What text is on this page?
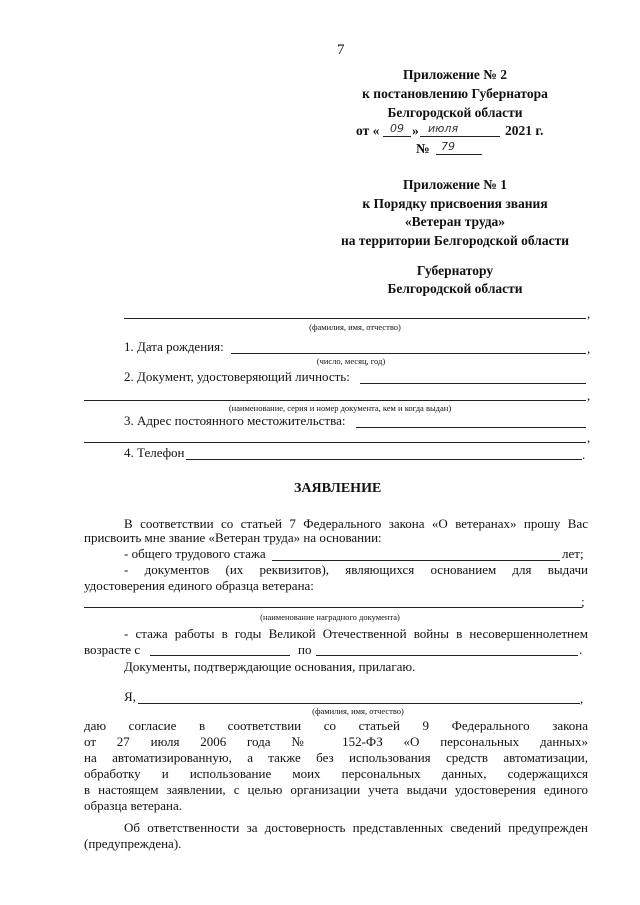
7
Приложение № 2
к постановлению Губернатора
Белгородской области
от « 09 » июля	2021 г.
№ 79
Приложение № 1
к Порядку присвоения звания
«Ветеран труда»
на территории Белгородской области
Губернатору
Белгородской области
,
(фамилия, имя, отчество)
1. Дата рождения:	,
(число, месяц, год)
2. Документ, удостоверяющий личность:
,
(наименование, серия и номер документа, кем и когда выдан)
3. Адрес постоянного местожительства:
,
4. Телефон	.
ЗАЯВЛЕНИЕ
В соответствии со статьей 7 Федерального закона «О ветеранах» прошу Вас
присвоить мне звание «Ветеран труда» на основании:
- общего трудового стажа	лет;
- документов (их реквизитов), являющихся основанием для выдачи
удостоверения единого образца ветерана:
;
(наименование наградного документа)
- стажа работы в годы Великой Отечественной войны в несовершеннолетнем
возрасте с	по	.
Документы, подтверждающие основания, прилагаю.
Я,	,
(фамилия, имя, отчество)
даю согласие в соответствии со статьей 9 Федерального закона
от 27 июля 2006 года № 152-ФЗ «О персональных данных»
на автоматизированную, а также без использования средств автоматизации,
обработку и использование моих персональных данных, содержащихся
в настоящем заявлении, с целью организации учета выдачи удостоверения единого
образца ветерана.
Об ответственности за достоверность представленных сведений предупрежден
(предупреждена).
